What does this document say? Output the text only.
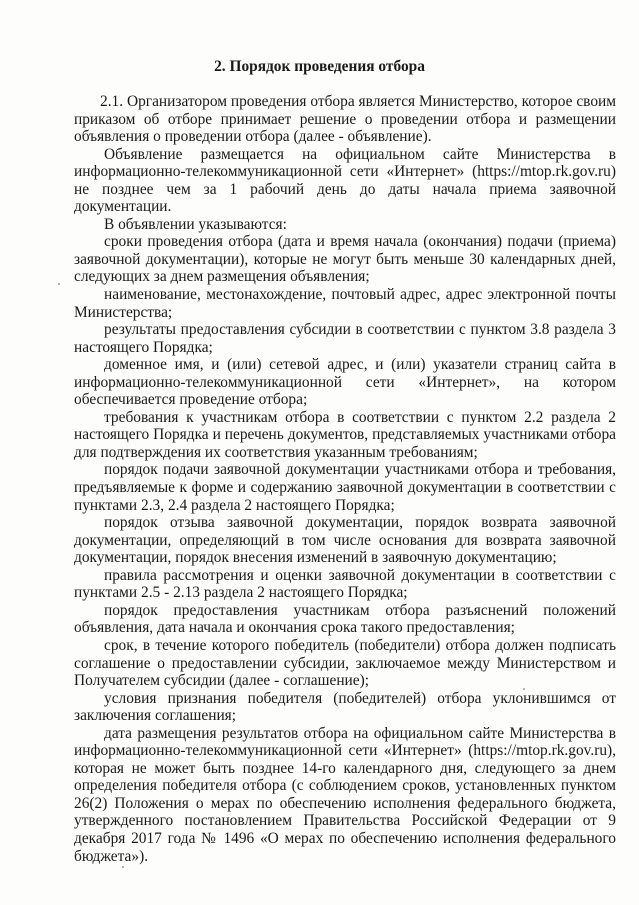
2. Порядок проведения отбора

2.1. Организатором проведения отбора является Министерство, которое своим приказом об отборе принимает решение о проведении отбора и размещении объявления о проведении отбора (далее - объявление).

Объявление размещается на официальном сайте Министерства в информационно-телекоммуникационной сети «Интернет» (https://mtop.rk.gov.ru) не позднее чем за 1 рабочий день до даты начала приема заявочной документации.

В объявлении указываются:

сроки проведения отбора (дата и время начала (окончания) подачи (приема) заявочной документации), которые не могут быть меньше 30 календарных дней, следующих за днем размещения объявления;

наименование, местонахождение, почтовый адрес, адрес электронной почты Министерства;

результаты предоставления субсидии в соответствии с пунктом 3.8 раздела 3 настоящего Порядка;

доменное имя, и (или) сетевой адрес, и (или) указатели страниц сайта в информационно-телекоммуникационной сети «Интернет», на котором обеспечивается проведение отбора;

требования к участникам отбора в соответствии с пунктом 2.2 раздела 2 настоящего Порядка и перечень документов, представляемых участниками отбора для подтверждения их соответствия указанным требованиям;

порядок подачи заявочной документации участниками отбора и требования, предъявляемые к форме и содержанию заявочной документации в соответствии с пунктами 2.3, 2.4 раздела 2 настоящего Порядка;

порядок отзыва заявочной документации, порядок возврата заявочной документации, определяющий в том числе основания для возврата заявочной документации, порядок внесения изменений в заявочную документацию;

правила рассмотрения и оценки заявочной документации в соответствии с пунктами 2.5 - 2.13 раздела 2 настоящего Порядка;

порядок предоставления участникам отбора разъяснений положений объявления, дата начала и окончания срока такого предоставления;

срок, в течение которого победитель (победители) отбора должен подписать соглашение о предоставлении субсидии, заключаемое между Министерством и Получателем субсидии (далее - соглашение);

условия признания победителя (победителей) отбора уклонившимся от заключения соглашения;

дата размещения результатов отбора на официальном сайте Министерства в информационно-телекоммуникационной сети «Интернет» (https://mtop.rk.gov.ru), которая не может быть позднее 14-го календарного дня, следующего за днем определения победителя отбора (с соблюдением сроков, установленных пунктом 26(2) Положения о мерах по обеспечению исполнения федерального бюджета, утвержденного постановлением Правительства Российской Федерации от 9 декабря 2017 года № 1496 «О мерах по обеспечению исполнения федерального бюджета»).
